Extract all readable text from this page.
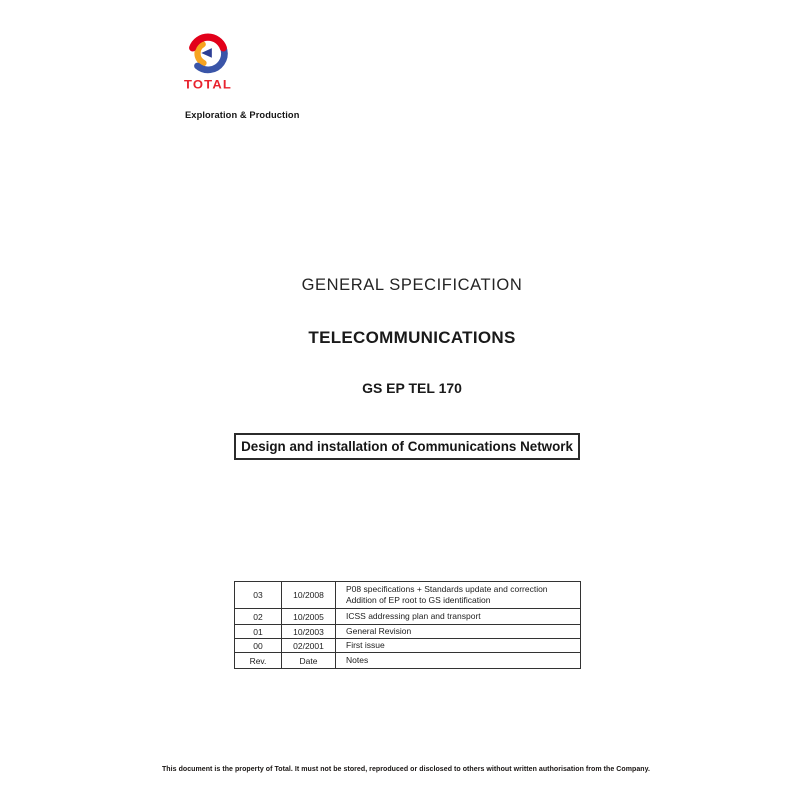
TOTAL
Exploration & Production
GENERAL SPECIFICATION
TELECOMMUNICATIONS
GS EP TEL 170
Design and installation of Communications Network
03	10/2008	P08 specifications + Standards update and correction
Addition of EP root to GS identification

02	10/2005	ICSS addressing plan and transport
01	10/2003	General Revision
00	02/2001	First issue
Rev.	Date	Notes
This document is the property of Total. It must not be stored, reproduced or disclosed to others without written authorisation from the Company.
